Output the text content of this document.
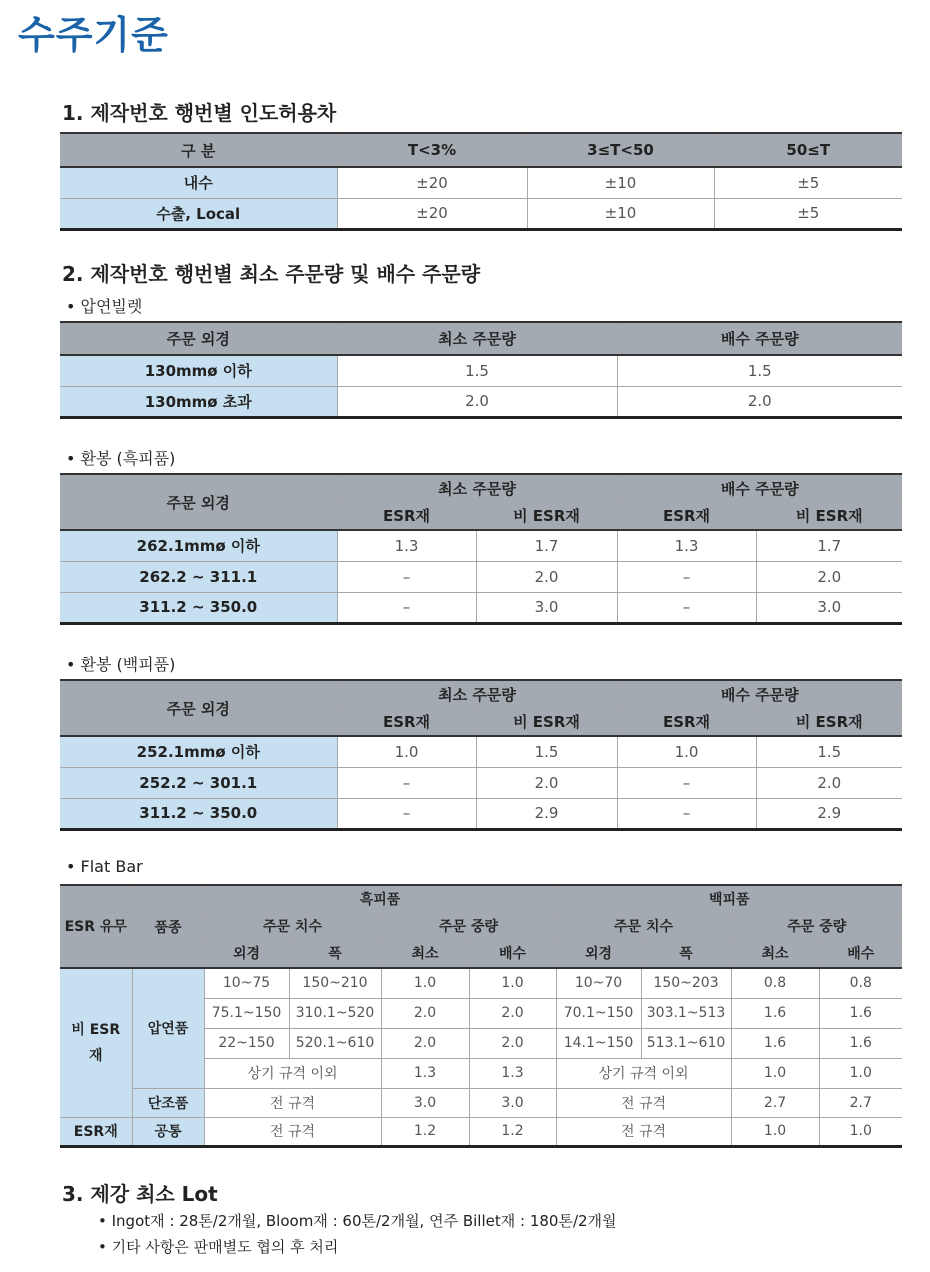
수주기준
1. 제작번호 행번별 인도허용차
구 분	T<3%	3≤T<50	50≤T
내수	±20	±10	±5
수출, Local	±20	±10	±5
2. 제작번호 행번별 최소 주문량 및 배수 주문량
• 압연빌렛
주문 외경	최소 주문량	배수 주문량
130mmø 이하	1.5	1.5
130mmø 초과	2.0	2.0
• 환봉 (흑피품)
주문 외경	최소 주문량		배수 주문량	
	ESR재	비 ESR재	ESR재	비 ESR재
262.1mmø 이하	1.3	1.7	1.3	1.7
262.2 ~ 311.1	–	2.0	–	2.0
311.2 ~ 350.0	–	3.0	–	3.0
• 환봉 (백피품)
주문 외경	최소 주문량		배수 주문량	
	ESR재	비 ESR재	ESR재	비 ESR재
252.1mmø 이하	1.0	1.5	1.0	1.5
252.2 ~ 301.1	–	2.0	–	2.0
311.2 ~ 350.0	–	2.9	–	2.9
• Flat Bar
ESR 유무	품종	흑피품				백피품			
		주문 치수		주문 중량		주문 치수		주문 중량	
		외경	폭	최소	배수	외경	폭	최소	배수
비 ESR재	압연품	10~75	150~210	1.0	1.0	10~70	150~203	0.8	0.8
		75.1~150	310.1~520	2.0	2.0	70.1~150	303.1~513	1.6	1.6
		22~150	520.1~610	2.0	2.0	14.1~150	513.1~610	1.6	1.6
		상기 규격 이외		1.3	1.3	상기 규격 이외		1.0	1.0
	단조품	전 규격		3.0	3.0	전 규격		2.7	2.7
ESR재	공통	전 규격		1.2	1.2	전 규격		1.0	1.0
3. 제강 최소 Lot
• Ingot재 : 28톤/2개월, Bloom재 : 60톤/2개월, 연주 Billet재 : 180톤/2개월
• 기타 사항은 판매별도 협의 후 처리
